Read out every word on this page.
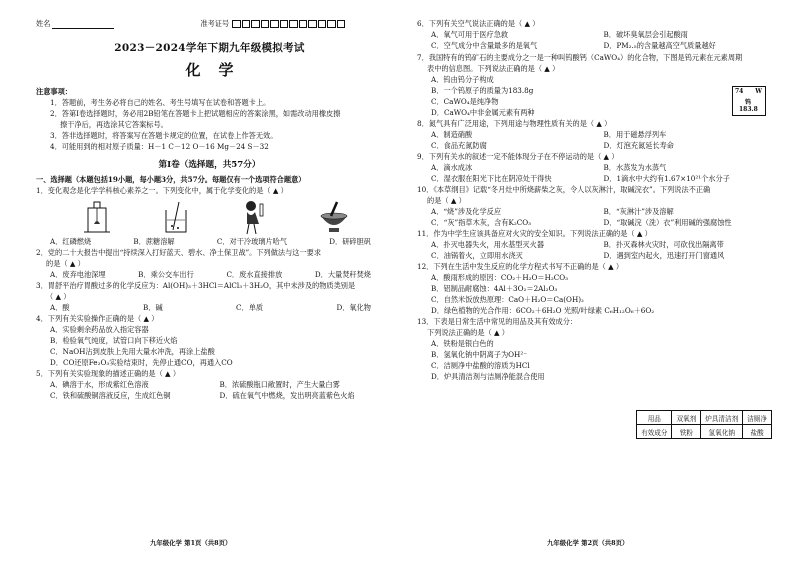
姓名	准考证号
2023－2024学年下期九年级模拟考试
化学
注意事项：
1．答题前，考生务必将自己的姓名、考生号填写在试卷和答题卡上。
2．答第Ⅰ卷选择题时，务必用2B铅笔在答题卡上把试题相应的答案涂黑，如需改动用橡皮擦
擦干净后，再选涂其它答案标号。
3．答非选择题时，将答案写在答题卡规定的位置，在试卷上作答无效。
4．可能用到的相对原子质量：H－1 C－12 O－16 Mg－24 S－32
第Ⅰ卷（选择题，共57分）
一、选择题（本题包括19小题，每小题3分，共57分。每题仅有一个选项符合题意）
1．变化观念是化学学科核心素养之一。下列变化中，属于化学变化的是（ ▲ ）
A．红磷燃烧	B．蔗糖溶解	C．对干冷玻璃片哈气	D．研碎胆矾
2．党的二十大报告中提出“持续深入打好蓝天、碧水、净土保卫战”。下列做法与这一要求
的是（ ▲ ）
A．废弃电池深埋	B．乘公交车出行	C．废水直接排放	D．大量焚秆焚烧
3．胃舒平治疗胃酸过多的化学反应为：Al(OH)₃＋3HCl＝AlCl₃＋3H₂O，其中未涉及的物质类别是
（ ▲ ）
A．酸	B．碱	C．单质	D．氧化物
4．下列有关实验操作正确的是（ ▲ ）
A．实验剩余药品放入指定容器
B．检验氧气纯度，试管口向下移近火焰
C．NaOH沾到皮肤上先用大量水冲洗，再涂上盐酸
D．CO还原Fe₂O₃实验结束时，先停止通CO，再通入CO
5．下列有关实验现象的描述正确的是（ ▲ ）
A．碘溶于水，形成紫红色溶液	B．浓硫酸瓶口敞置时，产生大量白雾
C．铁和硫酸铜溶液反应，生成红色铜	D．硫在氧气中燃烧，发出明亮蓝紫色火焰
九年级化学 第1页（共8页）
6．下列有关空气说法正确的是（ ▲ ）
A．氧气可用于医疗急救	B．破坏臭氧层会引起酸雨
C．空气成分中含量最多的是氧气	D．PM₂.₅的含量越高空气质量越好
7．我国特有的钨矿石的主要成分之一是一种叫钨酸钙（CaWO₄）的化合物，下图是钨元素在元素周期
表中的信息图。下列说法正确的是（ ▲ ）
A．钨由钨分子构成
B．一个钨原子的质量为183.8g
C．CaWO₄是纯净物
D．CaWO₄中非金属元素有两种
8．氮气具有广泛用途，下列用途与物理性质有关的是（ ▲ ）
A．制造硝酸	B．用于磁悬浮列车
C．食品充氮防腐	D．灯泡充氮延长寿命
9．下列有关水的叙述一定不能体现分子在不停运动的是（ ▲ ）
A．滴水成冰	B．水蒸发为水蒸气
C．湿衣服在阳光下比在阴凉处干得快	D．1滴水中大约有1.67×10²¹个水分子
10．《本草纲目》记载“冬月灶中所烧薪柴之灰，令人以灰淋汁，取碱浣衣”。下列说法不正确
的是（ ▲ ）
A．“烧”涉及化学反应	B．“灰淋汁”涉及溶解
C．“灰”指草木灰，含有K₂CO₃	D．“取碱浣（洗）衣”利用碱的强腐蚀性
11．作为中学生应该具备应对火灾的安全知识。下列说法正确的是（ ▲ ）
A．扑灭电器失火，用水基型灭火器	B．扑灭森林火灾时，可砍伐出隔离带
C．油锅着火，立即用水浇灭	D．遇到室内起火，迅速打开门窗通风
12．下列在生活中发生反应的化学方程式书写不正确的是（ ▲ ）
A．酸雨形成的原因：CO₂＋H₂O＝H₂CO₃
B．铝制品耐腐蚀：4Al＋3O₂＝2Al₂O₃
C．自然米饭放热原理：CaO＋H₂O＝Ca(OH)₂
D．绿色植物的光合作用：6CO₂＋6H₂O 光照/叶绿素 C₆H₁₂O₆＋6O₂
13．下表是日常生活中常见的用品及其有效成分：
下列说法正确的是（ ▲ ）
A．铁粉是银白色的
B．氢氧化钠中阴离子为OH²⁻
C．洁厕净中盐酸的溶质为HCl
D．炉具清洁剂与洁厕净能混合使用
74 W
钨
183.8
用品	双氧剂	炉具清洁剂	洁厕净
有效成分	铁粉	氢氧化钠	盐酸
九年级化学 第2页（共8页）
